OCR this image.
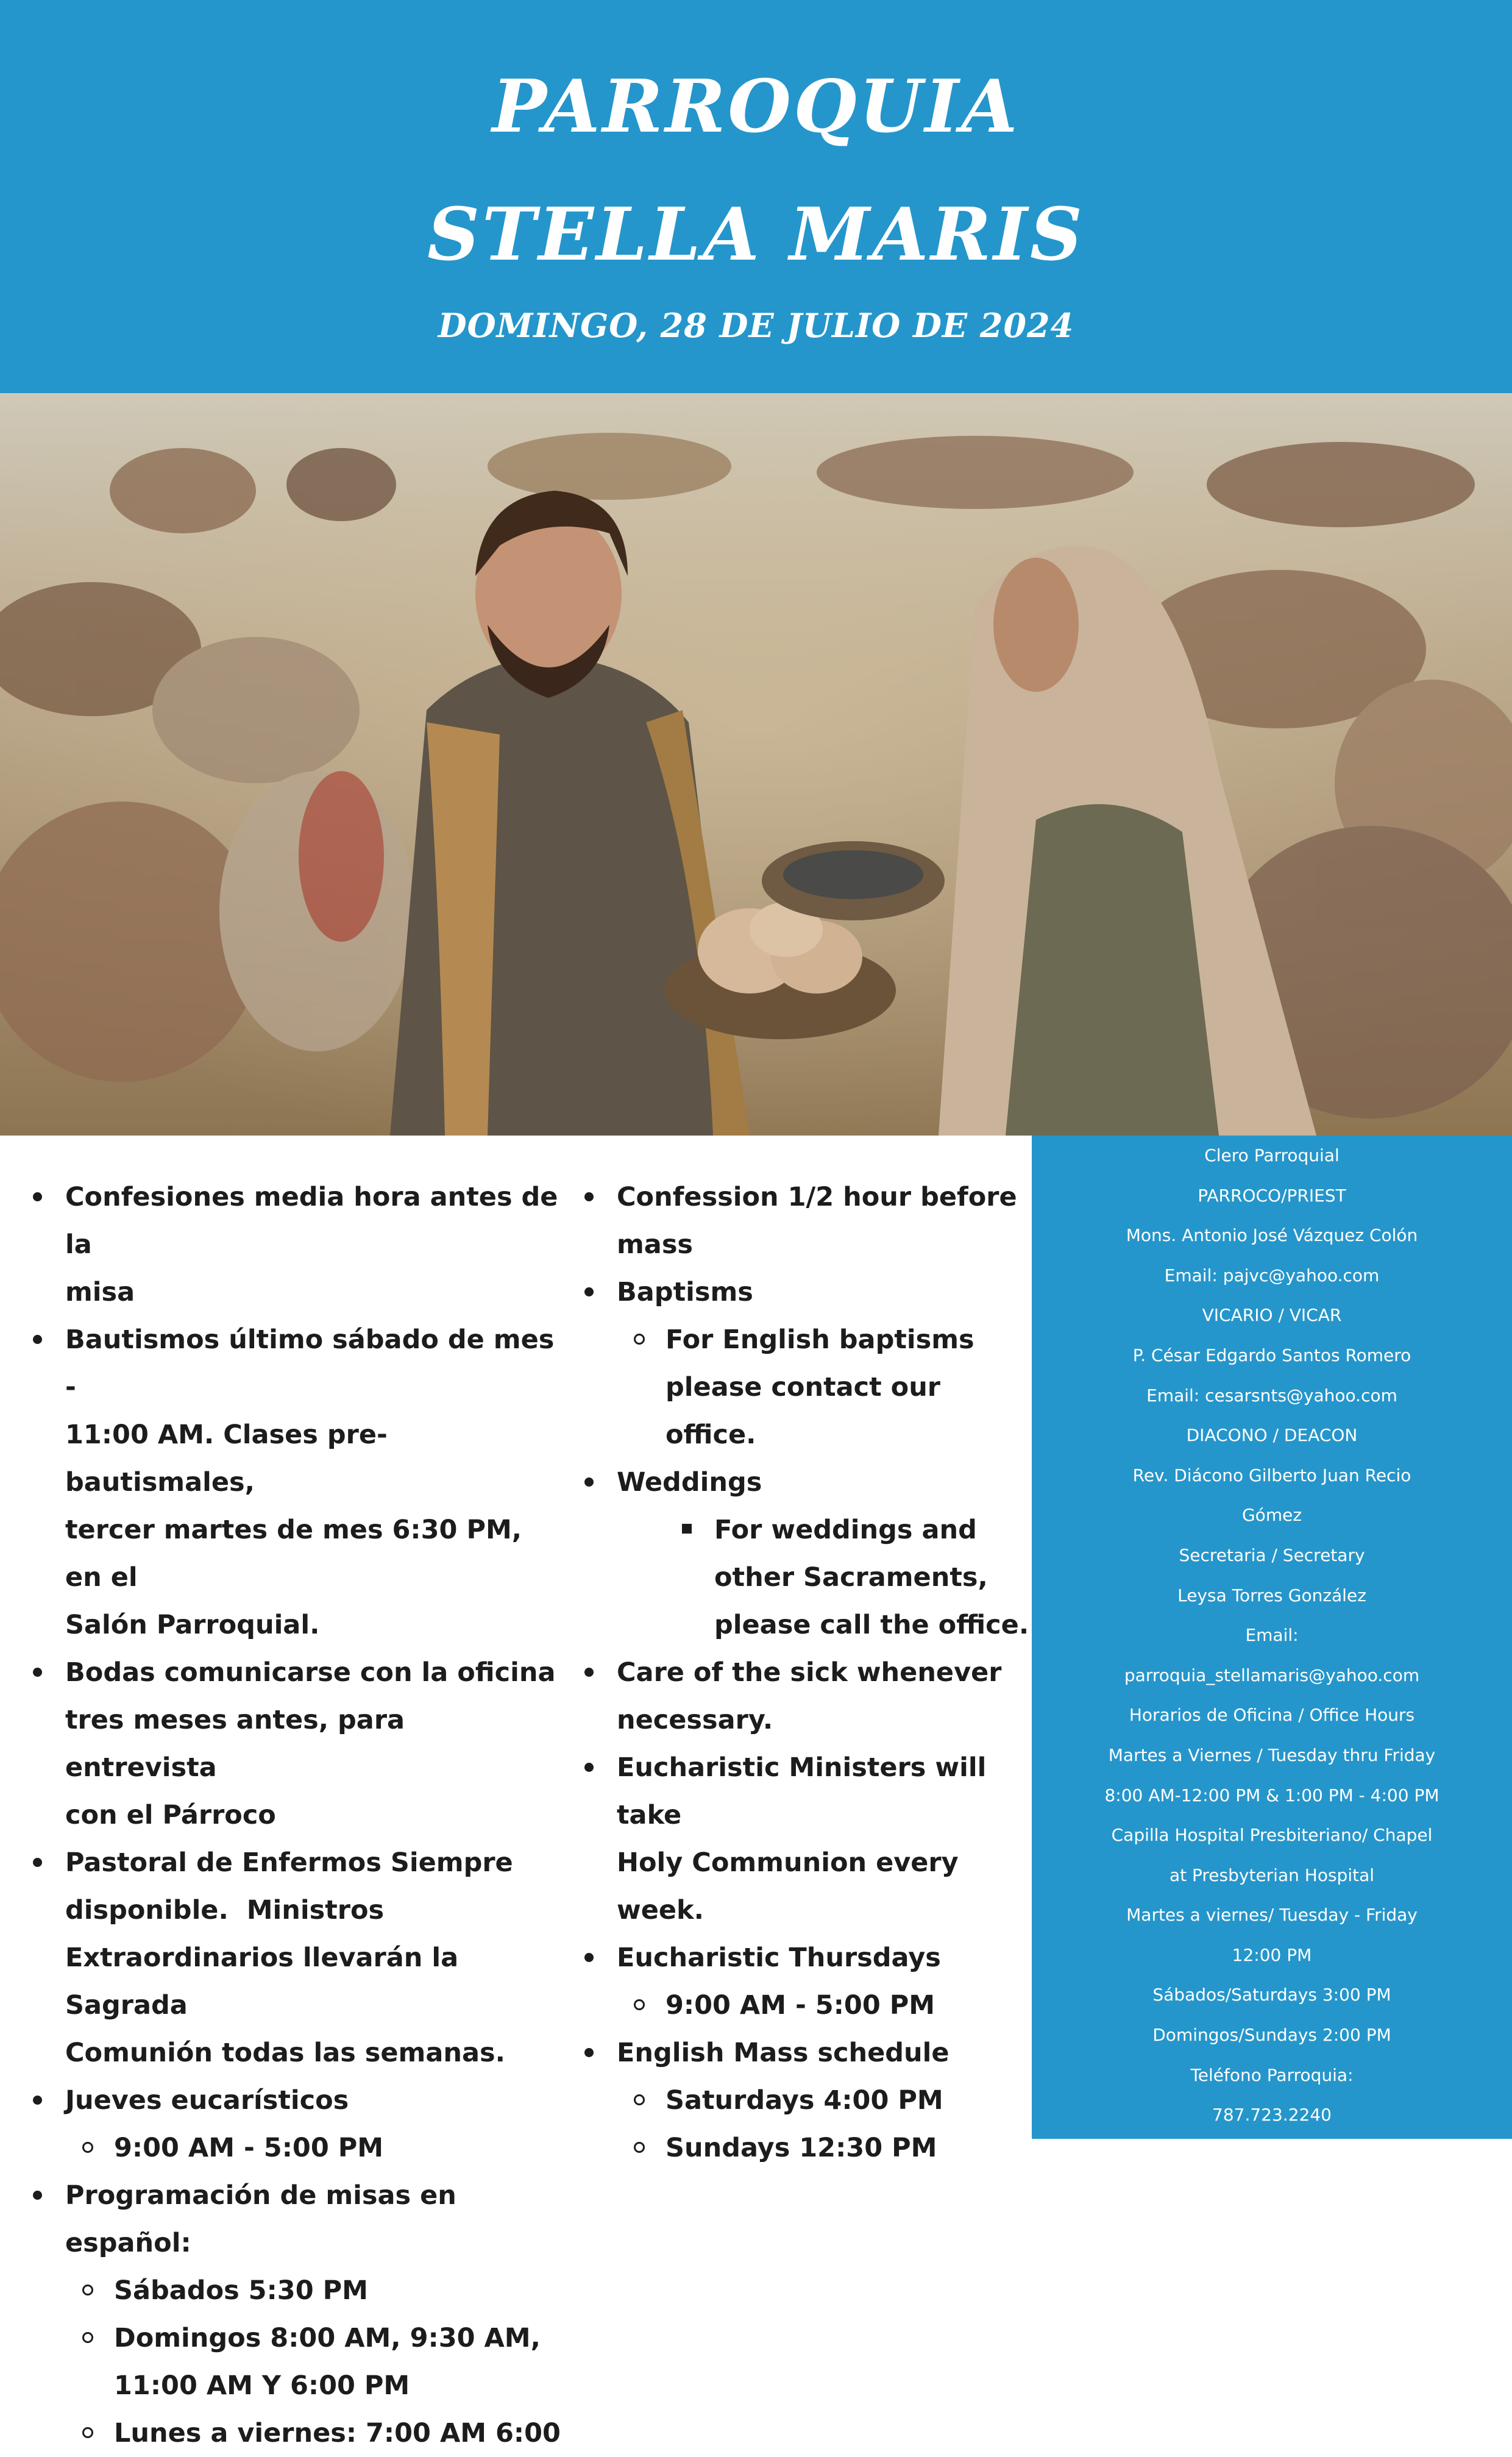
PARROQUIA
STELLA MARIS
DOMINGO, 28 DE JULIO DE 2024
Confesiones media hora antes de la
misa
Bautismos último sábado de mes -
11:00 AM. Clases pre-bautismales,
tercer martes de mes 6:30 PM, en el
Salón Parroquial.
Bodas comunicarse con la oficina
tres meses antes, para entrevista
con el Párroco
Pastoral de Enfermos Siempre
disponible.  Ministros
Extraordinarios llevarán la Sagrada
Comunión todas las semanas.
Jueves eucarísticos
9:00 AM - 5:00 PM
Programación de misas en español:
Sábados 5:30 PM
Domingos 8:00 AM, 9:30 AM,
11:00 AM Y 6:00 PM
Lunes a viernes: 7:00 AM 6:00
Confession 1/2 hour before
mass
Baptisms
For English baptisms
please contact our office.
Weddings
For weddings and
other Sacraments,
please call the office.
Care of the sick whenever
necessary.
Eucharistic Ministers will take
Holy Communion every week.
Eucharistic Thursdays
9:00 AM - 5:00 PM
English Mass schedule
Saturdays 4:00 PM
Sundays 12:30 PM
Clero Parroquial
PARROCO/PRIEST
Mons. Antonio José Vázquez Colón
Email: pajvc@yahoo.com
VICARIO / VICAR
P. César Edgardo Santos Romero
Email: cesarsnts@yahoo.com
DIACONO / DEACON
Rev. Diácono Gilberto Juan Recio
Gómez
Secretaria / Secretary
Leysa Torres González
Email:
parroquia_stellamaris@yahoo.com
Horarios de Oficina / Office Hours
Martes a Viernes / Tuesday thru Friday
8:00 AM-12:00 PM & 1:00 PM - 4:00 PM
Capilla Hospital Presbiteriano/ Chapel
at Presbyterian Hospital
Martes a viernes/ Tuesday - Friday
12:00 PM
Sábados/Saturdays 3:00 PM
Domingos/Sundays 2:00 PM
Teléfono Parroquia:
787.723.2240
